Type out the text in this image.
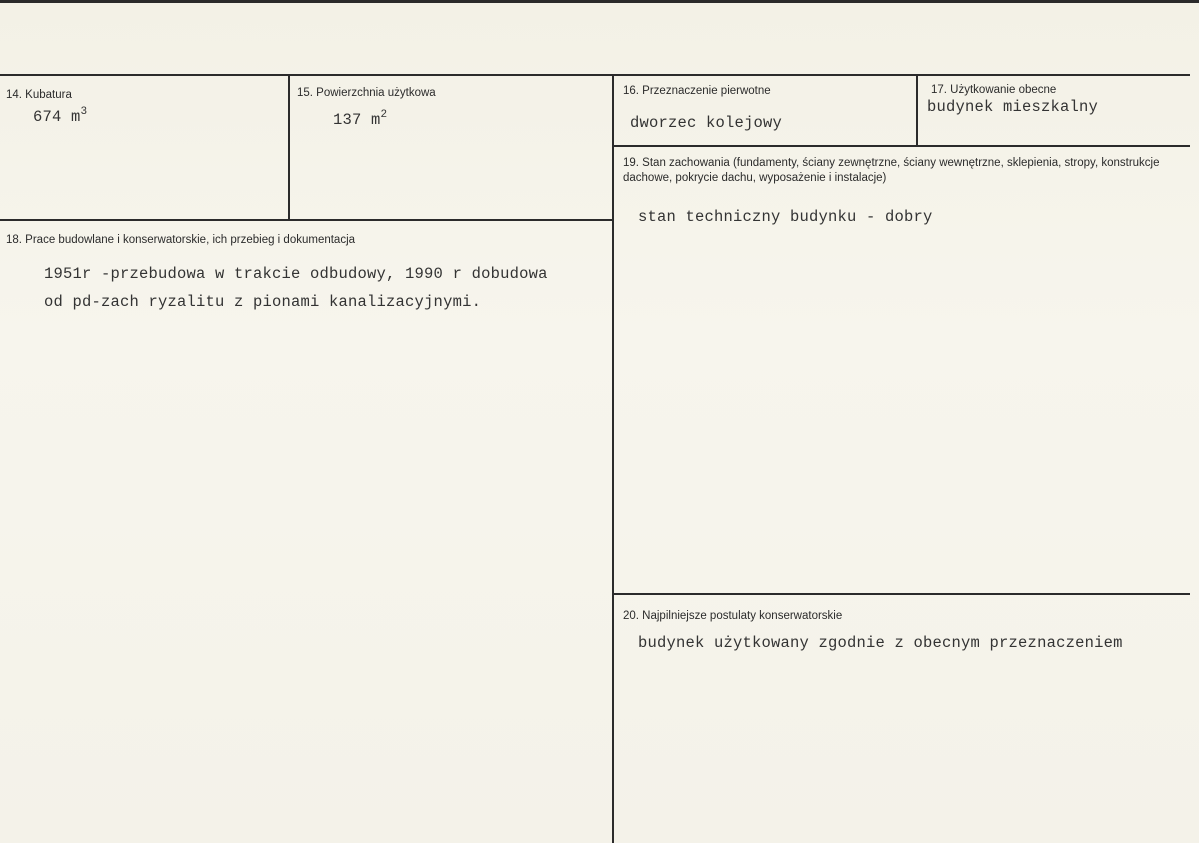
14. Kubatura
674 $m^3$
15. Powierzchnia użytkowa
137 $m^2$
16. Przeznaczenie pierwotne
dworzec kolejowy
17. Użytkowanie obecne
budynek mieszkalny
18. Prace budowlane i konserwatorskie, ich przebieg i dokumentacja
1951r -przebudowa w trakcie odbudowy, 1990 r dobudowa
od pd-zach ryzalitu z pionami kanalizacyjnymi.
19. Stan zachowania (fundamenty, ściany zewnętrzne, ściany wewnętrzne, sklepienia, stropy, konstrukcje dachowe, pokrycie dachu, wyposażenie i instalacje)
stan techniczny budynku - dobry
20. Najpilniejsze postulaty konserwatorskie
budynek użytkowany zgodnie z obecnym przeznaczeniem
